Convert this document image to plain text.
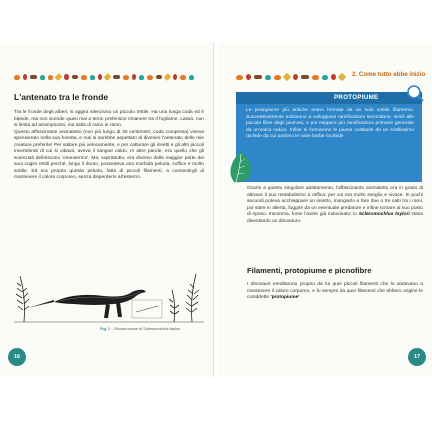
2. Come tutto ebbe inizio
L'antenato tra le fronde

Tra le fronde degli alberi, si aggira silenzioso un piccolo rettile. Ha una lunga coda ed è bipede, ma non scende quasi mai a terra: preferisce rimanere tra il fogliame. Lassù, non si limita ad arrampicarsi, ma salta di ramo in ramo.

Questo affascinante animaletto (non più lungo di 30 centimetri, coda compresa) viveva spensierato nella sua foresta, e mai si sarebbe aspettato di divenire l'antenato delle mie creature preferite! Per saltare più velocemente, e per catturare gli insetti e gli altri piccoli invertebrati di cui si cibava, aveva il sangue caldo. In altre parole, era quello che gli scienziati definiscono 'omeotermo'. Ma, soprattutto, era diverso dalla maggior parte dei suoi cugini rettili perché, lungo il dorso, possedeva una morbida peluria, soffice e molto sottile. Ed era proprio questa peluria, fatta di piccoli filamenti, a consentirgli di mantenere il calore corporeo, senza disperderlo all'esterno.

Fig. 1 – Ricostruzione di Scleromochlus taylori
16
PROTOPIUME
Le protopiume più antiche erano formate da un solo sottile filamento. Successivamente iniziarono a svilupparsi ramificazioni secondarie, simili alle piccole fibre degli piumosi, e poi neppure più ramificazioni primarie generate da un'unica radice. Infine si formarono le piume costituite da un sottilissimo rachide da cui partono le varie barbe morbide.
Grazie a questo singolare adattamento, l'affascinante animaletto era in grado di attivare il suo metabolismo a raffica: per cui era molto sveglio e vivace. In pochi secondi poteva acchiappare un insetto, mangiarlo e fare due o tre salti tra i rami, poi stare in allerta, fuggire da un eventuale predatore e infine tornare al suo posto di riposo. Insomma, forse l'avete già indovinato: lo Scleromochlus taylori stava diventando un dinosauro.
Filamenti, protopiume e picnofibre
I dinosauri ereditarono proprio da lui quei piccoli filamenti che lo aiutavano a mantenere il calore corporeo, e fu sempre da quei filamenti che ebbero origine le cosiddette 'protopiume'.
17
